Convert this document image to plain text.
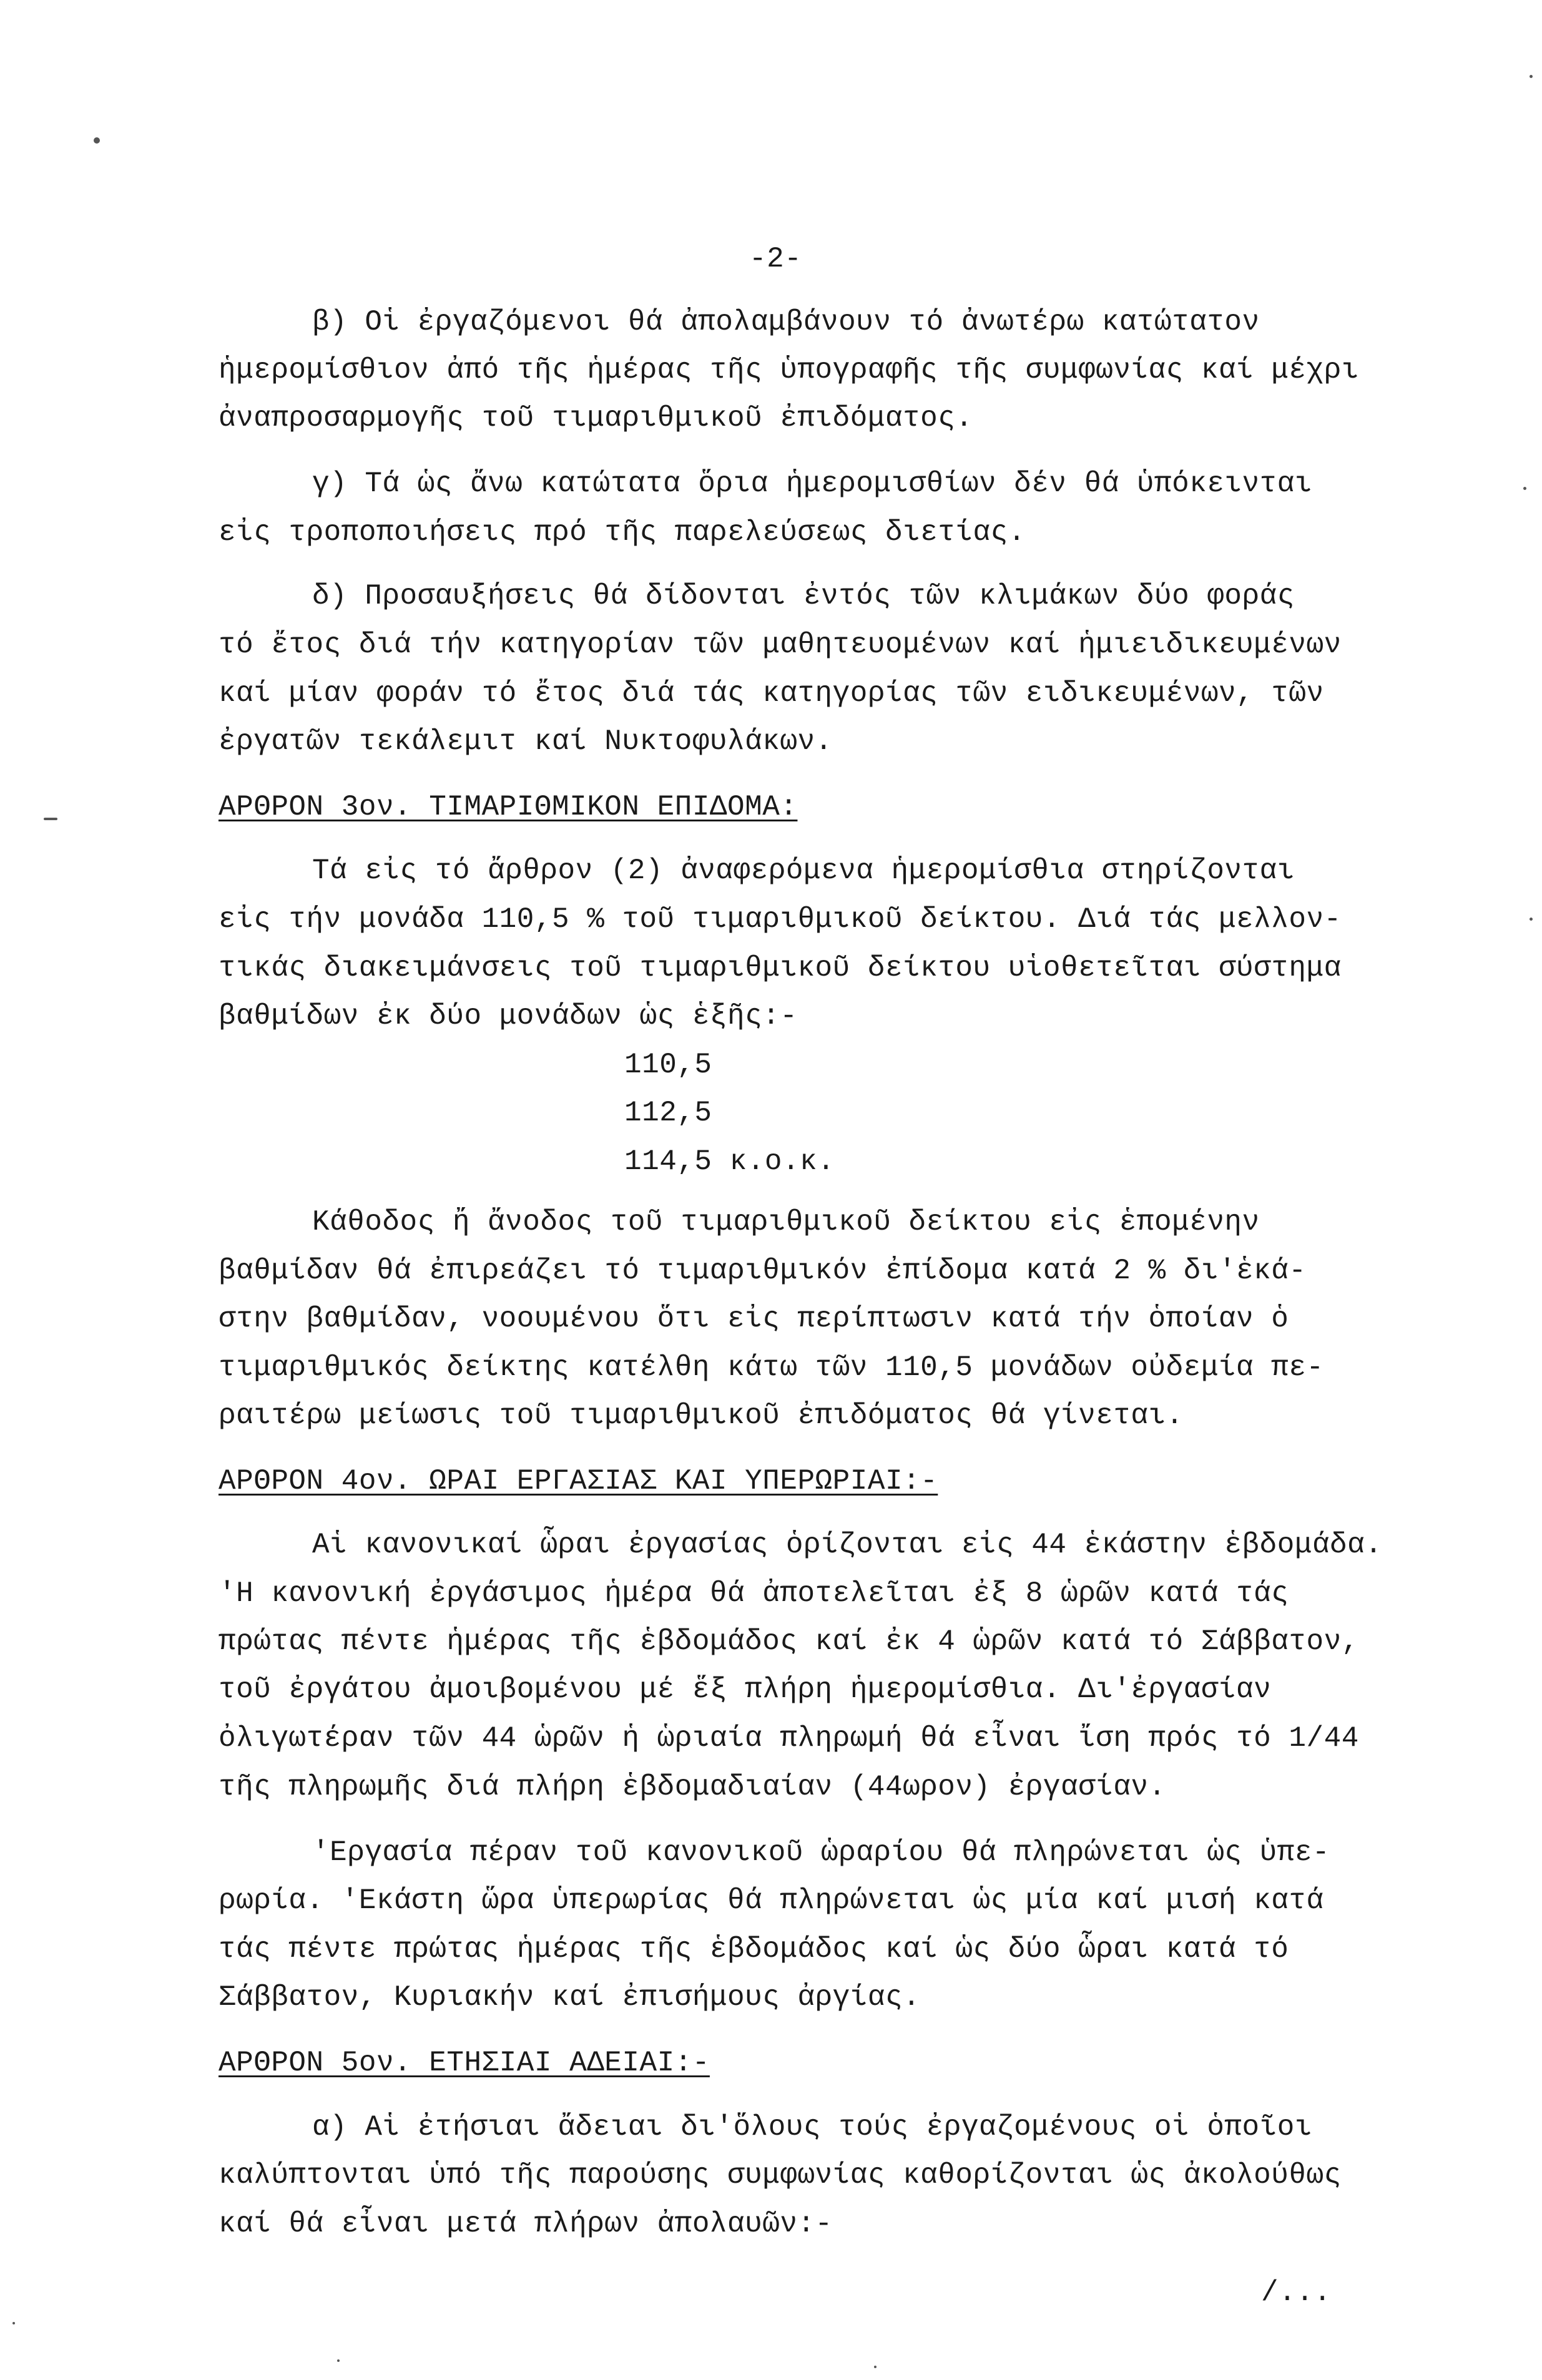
-2-
β) Οἱ ἐργαζόμενοι θά ἀπολαμβάνουν τό ἀνωτέρω κατώτατον
ἡμερομίσθιον ἀπό τῆς ἡμέρας τῆς ὑπογραφῆς τῆς συμφωνίας καί μέχρι
ἀναπροσαρμογῆς τοῦ τιμαριθμικοῦ ἐπιδόματος.
γ) Τά ὡς ἄνω κατώτατα ὅρια ἡμερομισθίων δέν θά ὑπόκεινται
εἰς τροποποιήσεις πρό τῆς παρελεύσεως διετίας.
δ) Προσαυξήσεις θά δίδονται ἐντός τῶν κλιμάκων δύο φοράς
τό ἔτος διά τήν κατηγορίαν τῶν μαθητευομένων καί ἡμιειδικευμένων
καί μίαν φοράν τό ἔτος διά τάς κατηγορίας τῶν ειδικευμένων, τῶν
ἐργατῶν τεκάλεμιτ καί Νυκτοφυλάκων.
ΑΡΘΡΟΝ 3ον. ΤΙΜΑΡΙΘΜΙΚΟΝ ΕΠΙΔΟΜΑ:
Τά εἰς τό ἄρθρον (2) ἀναφερόμενα ἡμερομίσθια στηρίζονται
εἰς τήν μονάδα 110,5 % τοῦ τιμαριθμικοῦ δείκτου. Διά τάς μελλον-
τικάς διακειμάνσεις τοῦ τιμαριθμικοῦ δείκτου υἱοθετεῖται σύστημα
βαθμίδων ἐκ δύο μονάδων ὡς ἑξῆς:-
110,5
112,5
114,5 κ.ο.κ.
Κάθοδος ἤ ἄνοδος τοῦ τιμαριθμικοῦ δείκτου εἰς ἑπομένην
βαθμίδαν θά ἐπιρεάζει τό τιμαριθμικόν ἐπίδομα κατά 2 % δι'ἑκά-
στην βαθμίδαν, νοουμένου ὅτι εἰς περίπτωσιν κατά τήν ὁποίαν ὁ
τιμαριθμικός δείκτης κατέλθη κάτω τῶν 110,5 μονάδων οὐδεμία πε-
ραιτέρω μείωσις τοῦ τιμαριθμικοῦ ἐπιδόματος θά γίνεται.
ΑΡΘΡΟΝ 4ον. ΩΡΑΙ ΕΡΓΑΣΙΑΣ ΚΑΙ ΥΠΕΡΩΡΙΑΙ:-
Αἱ κανονικαί ὧραι ἐργασίας ὁρίζονται εἰς 44 ἑκάστην ἑβδομάδα.
'Η κανονική ἐργάσιμος ἡμέρα θά ἀποτελεῖται ἐξ 8 ὡρῶν κατά τάς
πρώτας πέντε ἡμέρας τῆς ἑβδομάδος καί ἐκ 4 ὡρῶν κατά τό Σάββατον,
τοῦ ἐργάτου ἀμοιβομένου μέ ἕξ πλήρη ἡμερομίσθια. Δι'ἐργασίαν
ὀλιγωτέραν τῶν 44 ὡρῶν ἡ ὡριαία πληρωμή θά εἶναι ἴση πρός τό 1/44
τῆς πληρωμῆς διά πλήρη ἑβδομαδιαίαν (44ωρον) ἐργασίαν.
'Εργασία πέραν τοῦ κανονικοῦ ὡραρίου θά πληρώνεται ὡς ὑπε-
ρωρία. 'Εκάστη ὥρα ὑπερωρίας θά πληρώνεται ὡς μία καί μισή κατά
τάς πέντε πρώτας ἡμέρας τῆς ἑβδομάδος καί ὡς δύο ὧραι κατά τό
Σάββατον, Κυριακήν καί ἐπισήμους ἀργίας.
ΑΡΘΡΟΝ 5ον. ΕΤΗΣΙΑΙ ΑΔΕΙΑΙ:-
α) Αἱ ἐτήσιαι ἄδειαι δι'ὅλους τούς ἐργαζομένους οἱ ὁποῖοι
καλύπτονται ὑπό τῆς παρούσης συμφωνίας καθορίζονται ὡς ἀκολούθως
καί θά εἶναι μετά πλήρων ἀπολαυῶν:-
/...
